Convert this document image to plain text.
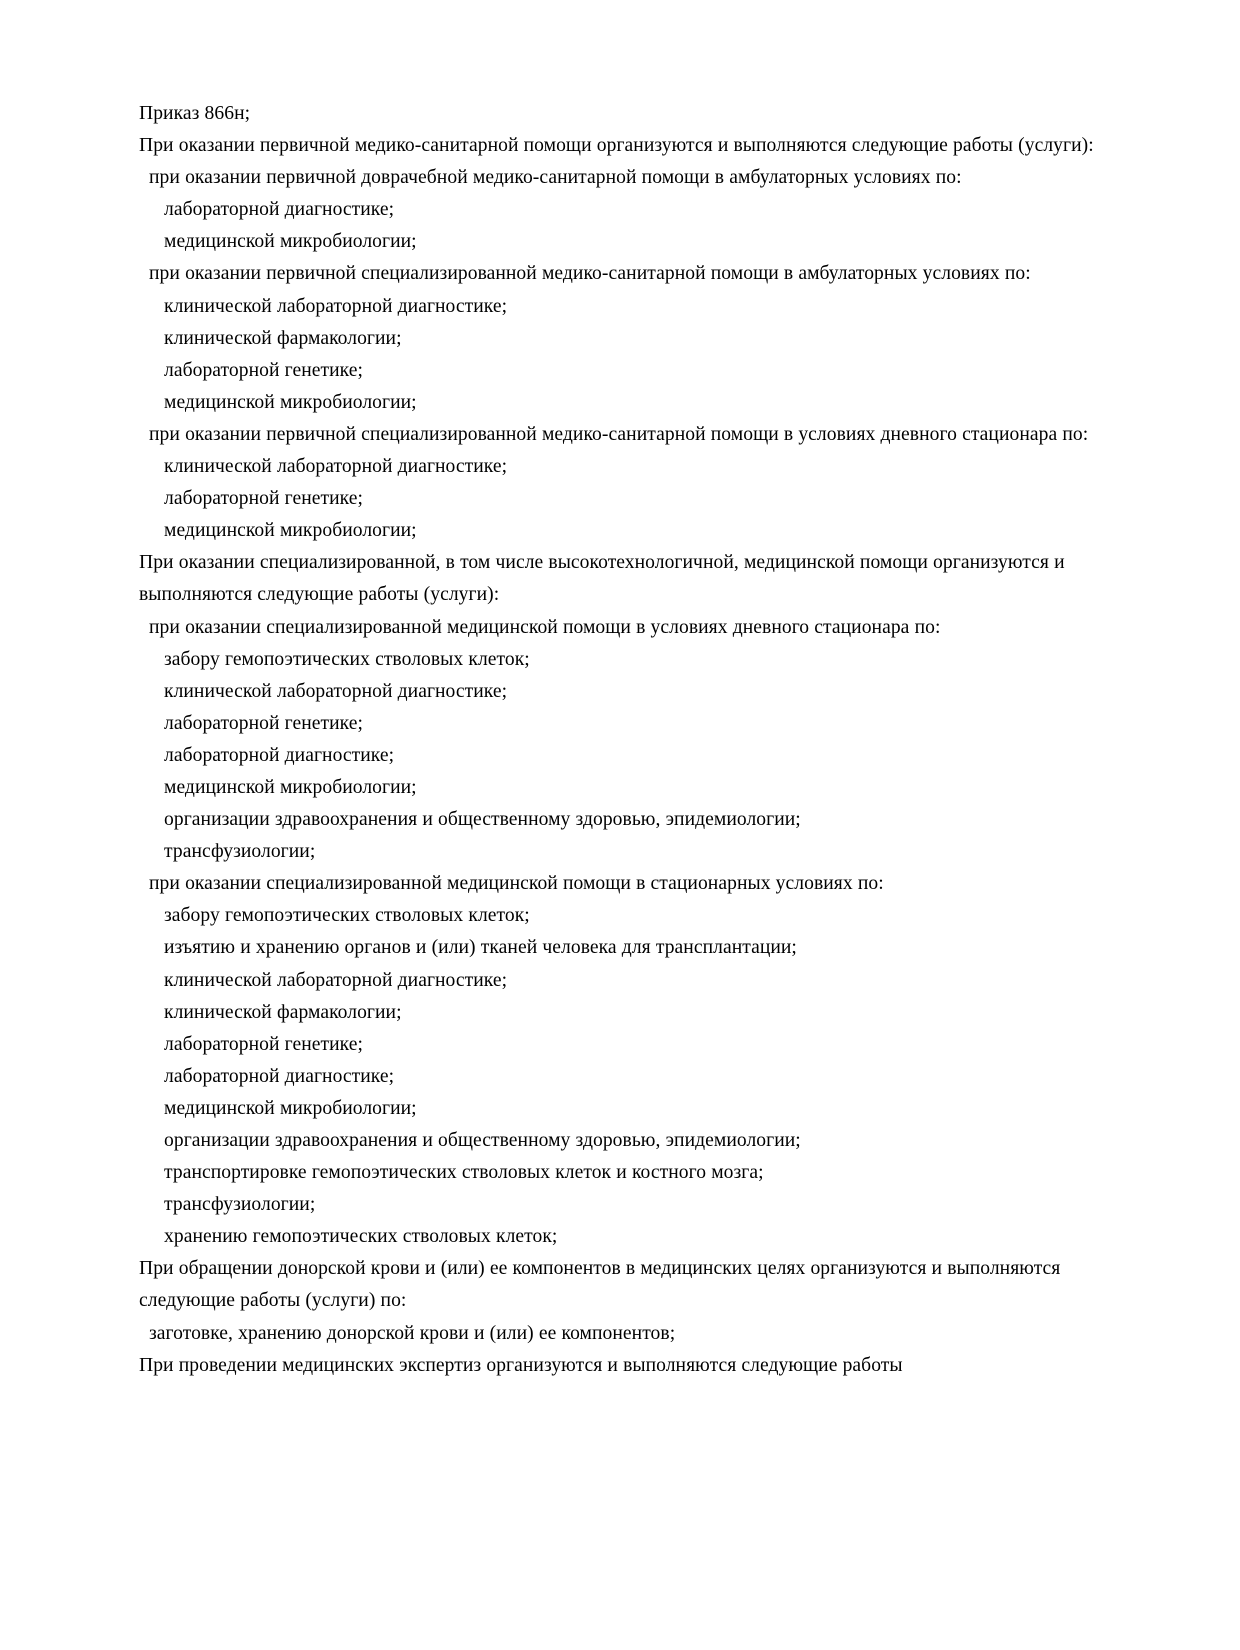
Приказ 866н;

При оказании первичной медико-санитарной помощи организуются и выполняются следующие работы (услуги):

при оказании первичной доврачебной медико-санитарной помощи в амбулаторных условиях по:

лабораторной диагностике;

медицинской микробиологии;

при оказании первичной специализированной медико-санитарной помощи в амбулаторных условиях по:

клинической лабораторной диагностике;

клинической фармакологии;

лабораторной генетике;

медицинской микробиологии;

при оказании первичной специализированной медико-санитарной помощи в условиях дневного стационара по:

клинической лабораторной диагностике;

лабораторной генетике;

медицинской микробиологии;

При оказании специализированной, в том числе высокотехнологичной, медицинской помощи организуются и выполняются следующие работы (услуги):

при оказании специализированной медицинской помощи в условиях дневного стационара по:

забору гемопоэтических стволовых клеток;

клинической лабораторной диагностике;

лабораторной генетике;

лабораторной диагностике;

медицинской микробиологии;

организации здравоохранения и общественному здоровью, эпидемиологии;

трансфузиологии;

при оказании специализированной медицинской помощи в стационарных условиях по:

забору гемопоэтических стволовых клеток;

изъятию и хранению органов и (или) тканей человека для трансплантации;

клинической лабораторной диагностике;

клинической фармакологии;

лабораторной генетике;

лабораторной диагностике;

медицинской микробиологии;

организации здравоохранения и общественному здоровью, эпидемиологии;

транспортировке гемопоэтических стволовых клеток и костного мозга;

трансфузиологии;

хранению гемопоэтических стволовых клеток;

При обращении донорской крови и (или) ее компонентов в медицинских целях организуются и выполняются следующие работы (услуги) по:

заготовке, хранению донорской крови и (или) ее компонентов;

При проведении медицинских экспертиз организуются и выполняются следующие работы
